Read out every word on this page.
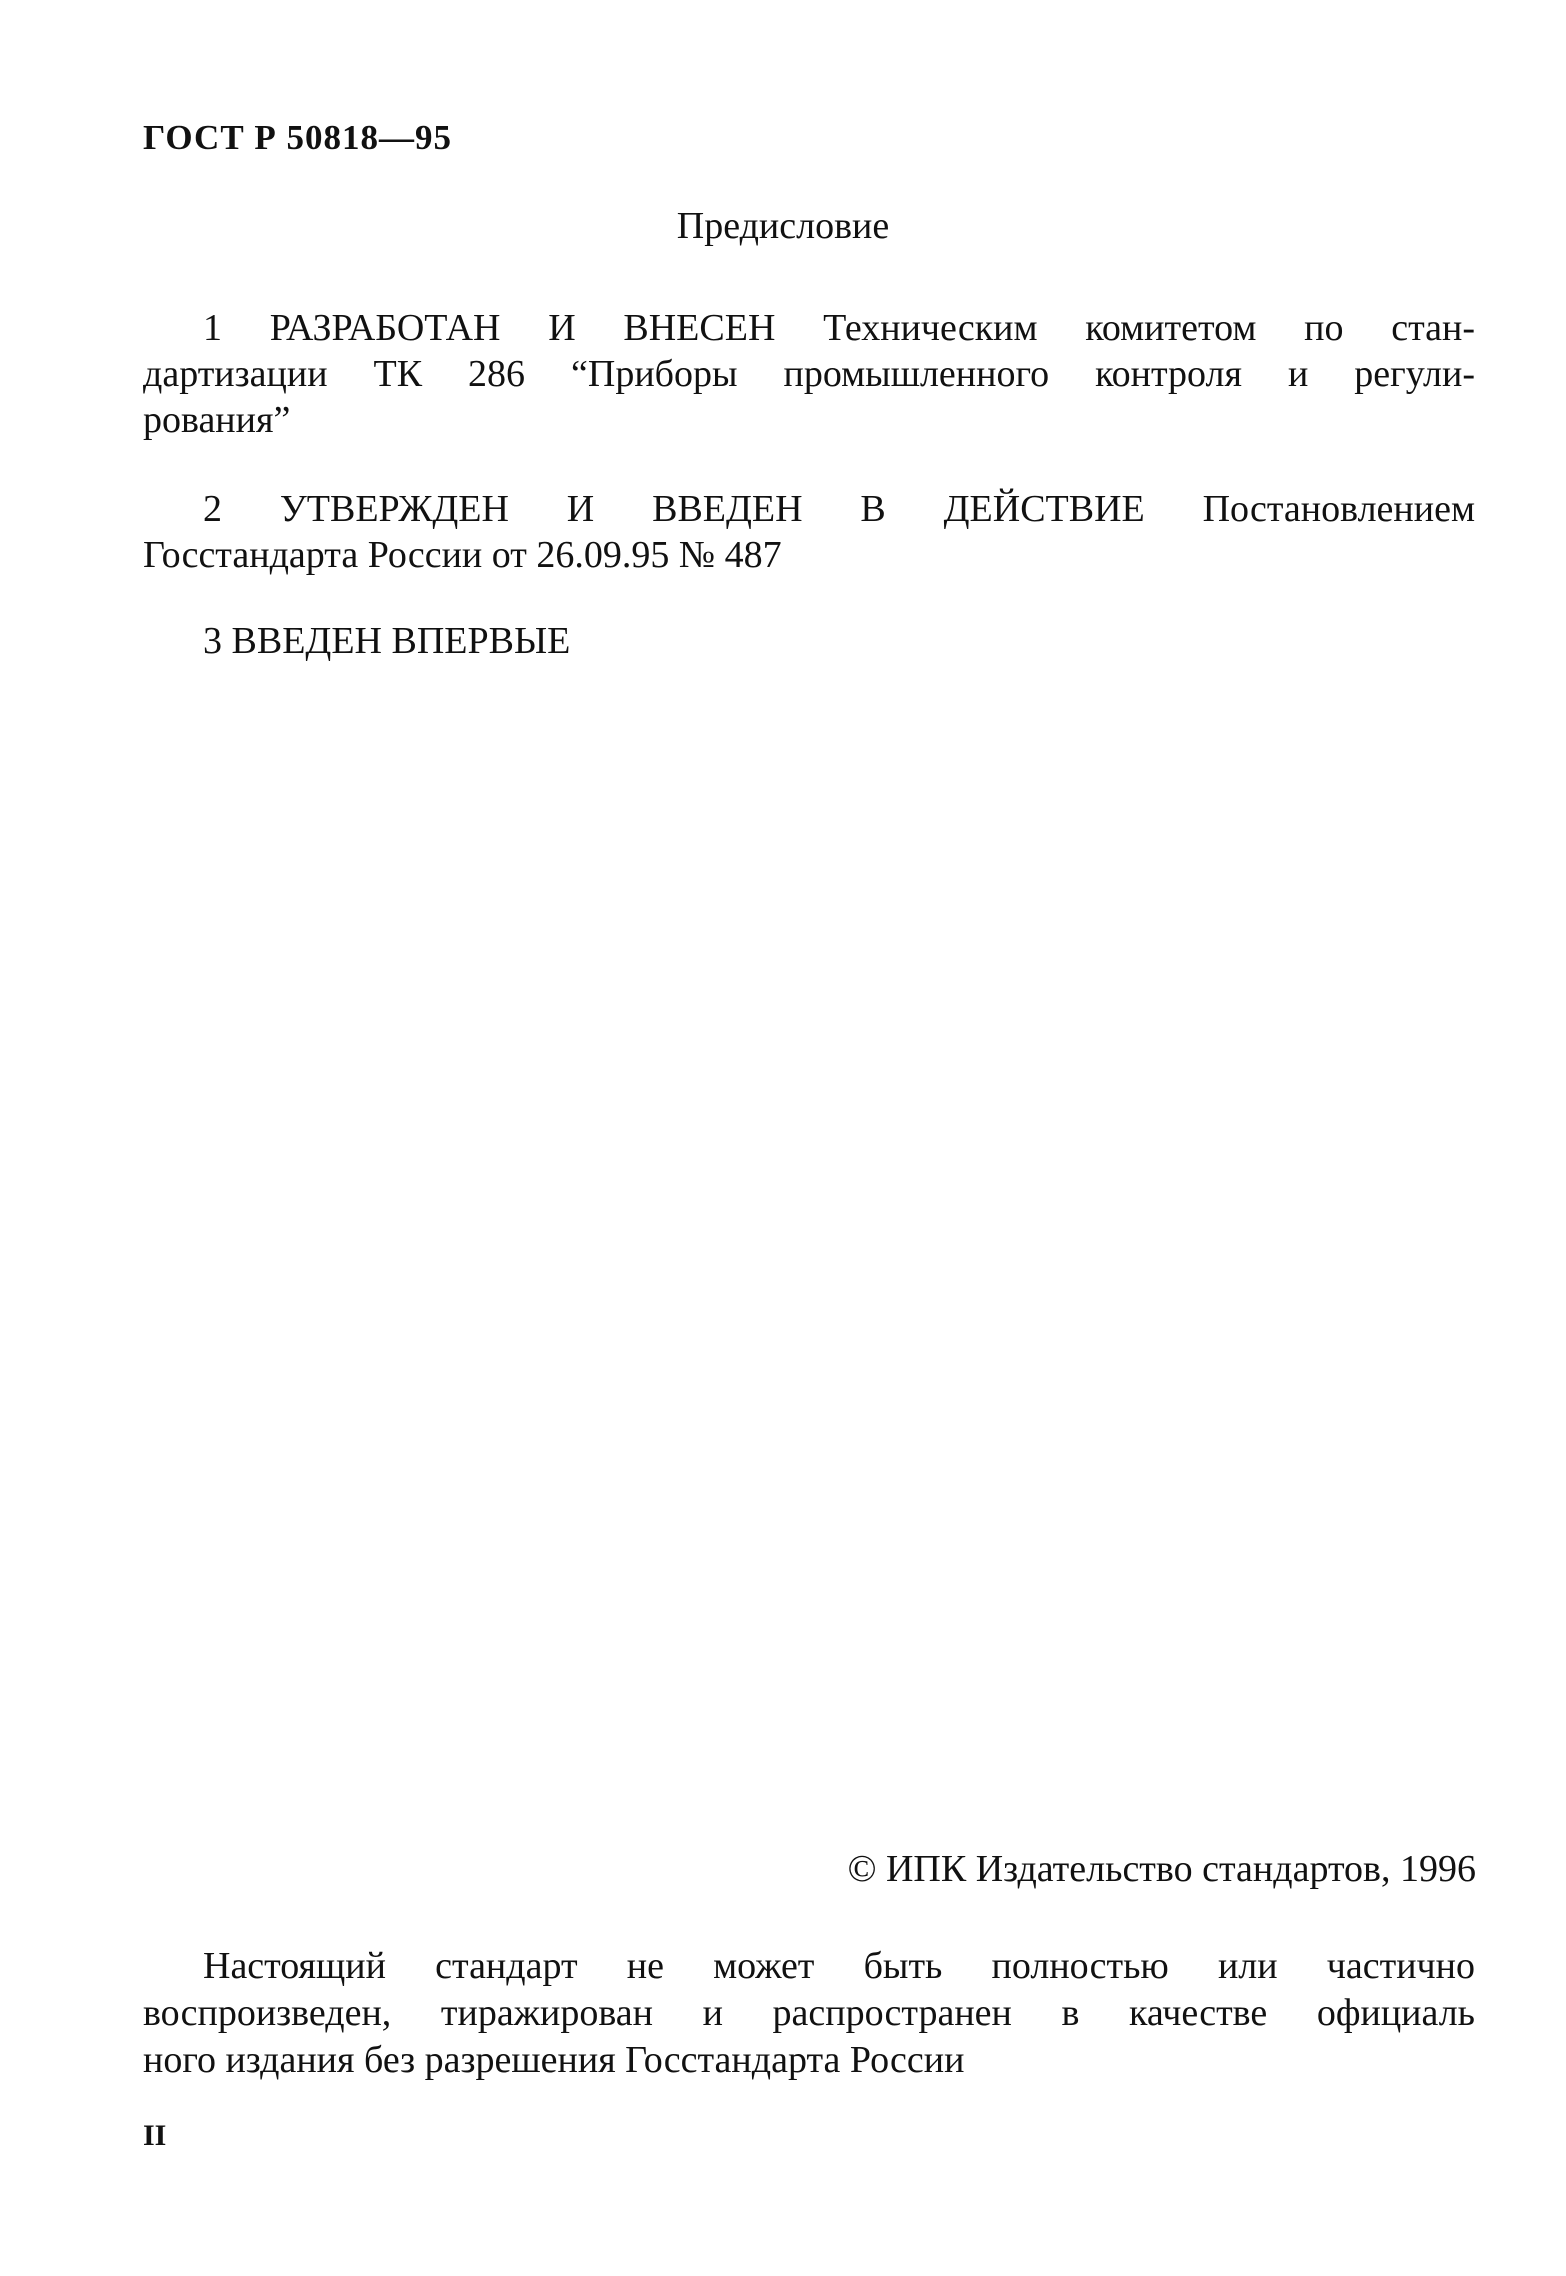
ГОСТ Р 50818—95
Предисловие
1 РАЗРАБОТАН И ВНЕСЕН Техническим комитетом по стан-
дартизации ТК 286 “Приборы промышленного контроля и регули-
рования”
2 УТВЕРЖДЕН И ВВЕДЕН В ДЕЙСТВИЕ Постановлением
Госстандарта России от 26.09.95 № 487
3 ВВЕДЕН ВПЕРВЫЕ
© ИПК Издательство стандартов, 1996
Настоящий стандарт не может быть полностью или частично
воспроизведен, тиражирован и распространен в качестве официаль
ного издания без разрешения Госстандарта России
II
